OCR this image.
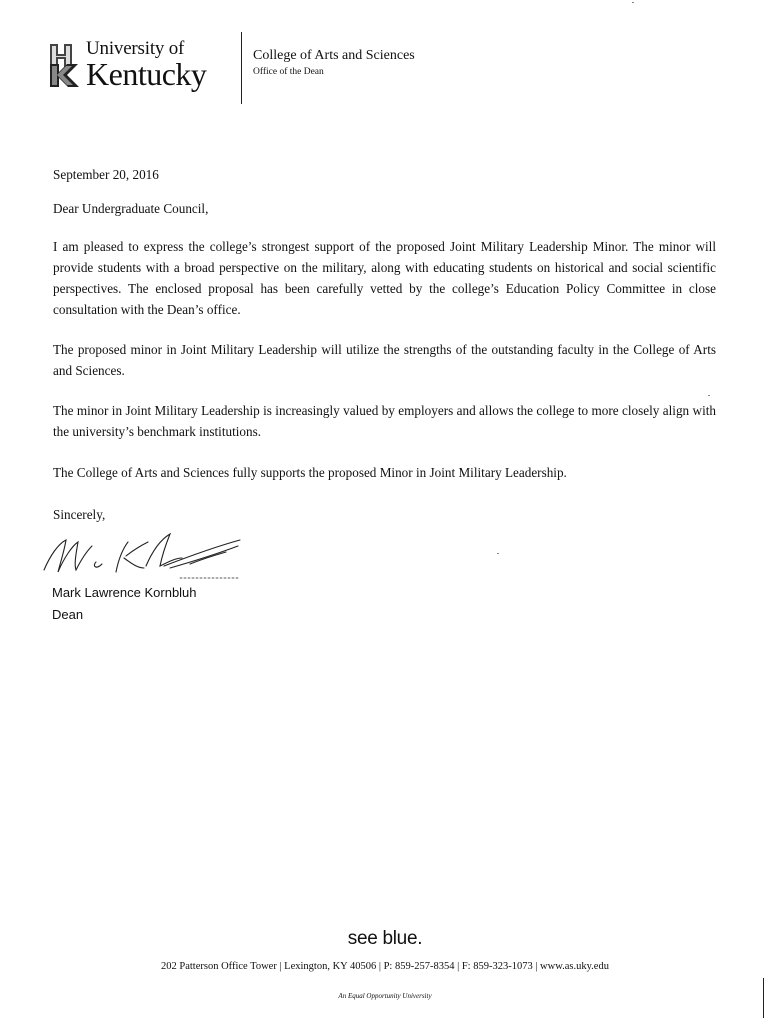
University of
Kentucky
College of Arts and Sciences
Office of the Dean
September 20, 2016
Dear Undergraduate Council,
I am pleased to express the college’s strongest support of the proposed Joint Military Leadership Minor. The minor will provide students with a broad perspective on the military, along with educating students on historical and social scientific perspectives. The enclosed proposal has been carefully vetted by the college’s Education Policy Committee in close consultation with the Dean’s office.
The proposed minor in Joint Military Leadership will utilize the strengths of the outstanding faculty in the College of Arts and Sciences.
The minor in Joint Military Leadership is increasingly valued by employers and allows the college to more closely align with the university’s benchmark institutions.
The College of Arts and Sciences fully supports the proposed Minor in Joint Military Leadership.
Sincerely,
Mark Lawrence Kornbluh
Dean
see blue.
202 Patterson Office Tower | Lexington, KY 40506 | P: 859-257-8354 | F: 859-323-1073 | www.as.uky.edu
An Equal Opportunity University
